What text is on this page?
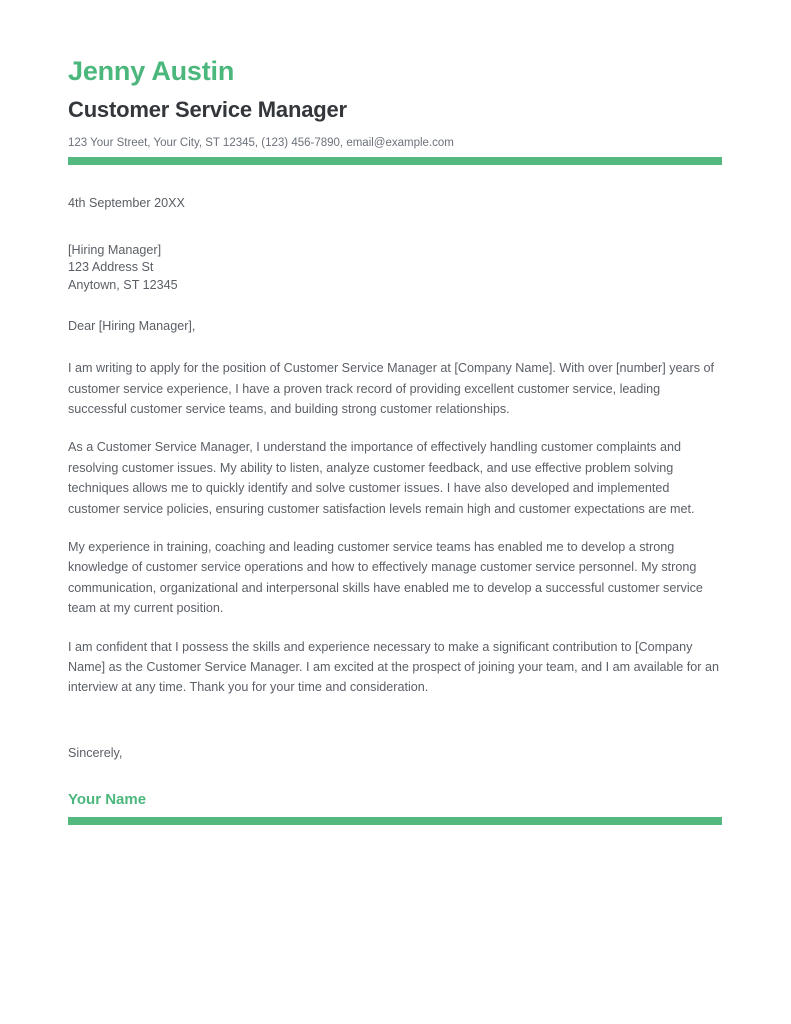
Jenny Austin
Customer Service Manager
123 Your Street, Your City, ST 12345, (123) 456-7890, email@example.com
4th September 20XX
[Hiring Manager]
123 Address St
Anytown, ST 12345
Dear [Hiring Manager],

I am writing to apply for the position of Customer Service Manager at [Company Name]. With over [number] years of customer service experience, I have a proven track record of providing excellent customer service, leading successful customer service teams, and building strong customer relationships.

As a Customer Service Manager, I understand the importance of effectively handling customer complaints and resolving customer issues. My ability to listen, analyze customer feedback, and use effective problem solving techniques allows me to quickly identify and solve customer issues. I have also developed and implemented customer service policies, ensuring customer satisfaction levels remain high and customer expectations are met.

My experience in training, coaching and leading customer service teams has enabled me to develop a strong knowledge of customer service operations and how to effectively manage customer service personnel. My strong communication, organizational and interpersonal skills have enabled me to develop a successful customer service team at my current position.

I am confident that I possess the skills and experience necessary to make a significant contribution to [Company Name] as the Customer Service Manager. I am excited at the prospect of joining your team, and I am available for an interview at any time. Thank you for your time and consideration.

Sincerely,
Your Name
